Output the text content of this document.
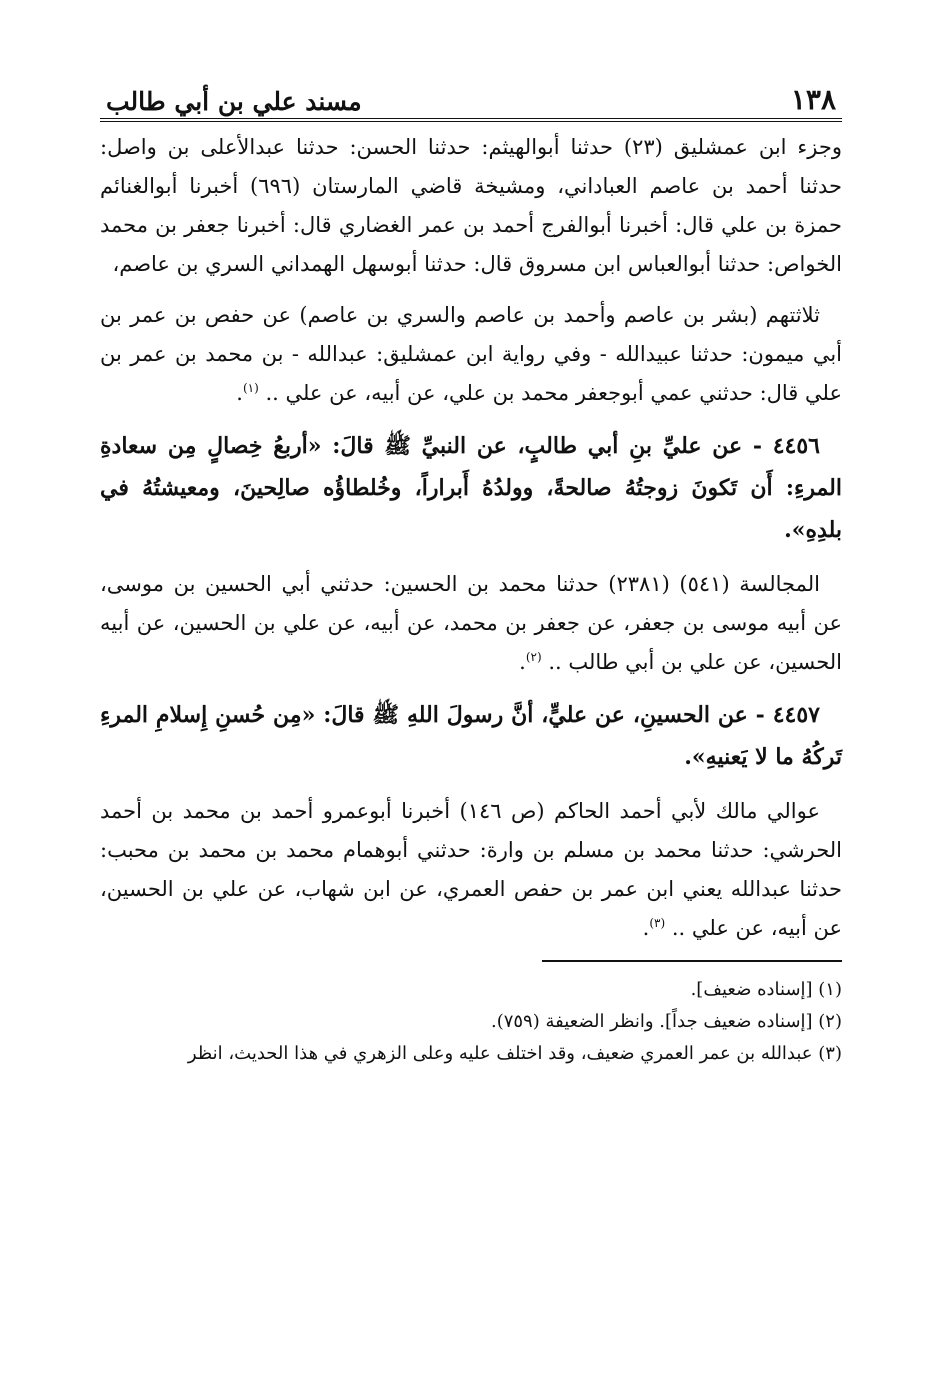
١٣٨
مسند علي بن أبي طالب

وجزء ابن عمشليق (٢٣) حدثنا أبوالهيثم: حدثنا الحسن: حدثنا عبدالأعلى بن واصل: حدثنا أحمد بن عاصم العباداني، ومشيخة قاضي المارستان (٦٩٦) أخبرنا أبوالغنائم حمزة بن علي قال: أخبرنا أبوالفرج أحمد بن عمر الغضاري قال: أخبرنا جعفر بن محمد الخواص: حدثنا أبوالعباس ابن مسروق قال: حدثنا أبوسهل الهمداني السري بن عاصم،

ثلاثتهم (بشر بن عاصم وأحمد بن عاصم والسري بن عاصم) عن حفص بن عمر بن أبي ميمون: حدثنا عبيدالله - وفي رواية ابن عمشليق: عبدالله - بن محمد بن عمر بن علي قال: حدثني عمي أبوجعفر محمد بن علي، عن أبيه، عن علي .. $^{(١)}$.

٤٤٥٦ - عن عليِّ بنِ أبي طالبٍ، عن النبيِّ ﷺ قالَ: «أربعُ خِصالٍ مِن سعادةِ المرءِ: أَن تَكونَ زوجتُهُ صالحةً، وولدُهُ أَبراراً، وخُلطاؤُه صالِحينَ، ومعيشتُهُ في بلدِهِ».

المجالسة (٥٤١) (٢٣٨١) حدثنا محمد بن الحسين: حدثني أبي الحسين بن موسى، عن أبيه موسى بن جعفر، عن جعفر بن محمد، عن أبيه، عن علي بن الحسين، عن أبيه الحسين، عن علي بن أبي طالب .. $^{(٢)}$.

٤٤٥٧ - عن الحسينِ، عن عليٍّ، أنَّ رسولَ اللهِ ﷺ قالَ: «مِن حُسنِ إِسلامِ المرءِ تَركُهُ ما لا يَعنيهِ».

عوالي مالك لأبي أحمد الحاكم (ص ١٤٦) أخبرنا أبوعمرو أحمد بن محمد بن أحمد الحرشي: حدثنا محمد بن مسلم بن وارة: حدثني أبوهمام محمد بن محمد بن محبب: حدثنا عبدالله يعني ابن عمر بن حفص العمري، عن ابن شهاب، عن علي بن الحسين، عن أبيه، عن علي .. $^{(٣)}$.

(١) [إسناده ضعيف].

(٢) [إسناده ضعيف جداً]. وانظر الضعيفة (٧٥٩).

(٣) عبدالله بن عمر العمري ضعيف، وقد اختلف عليه وعلى الزهري في هذا الحديث، انظر
